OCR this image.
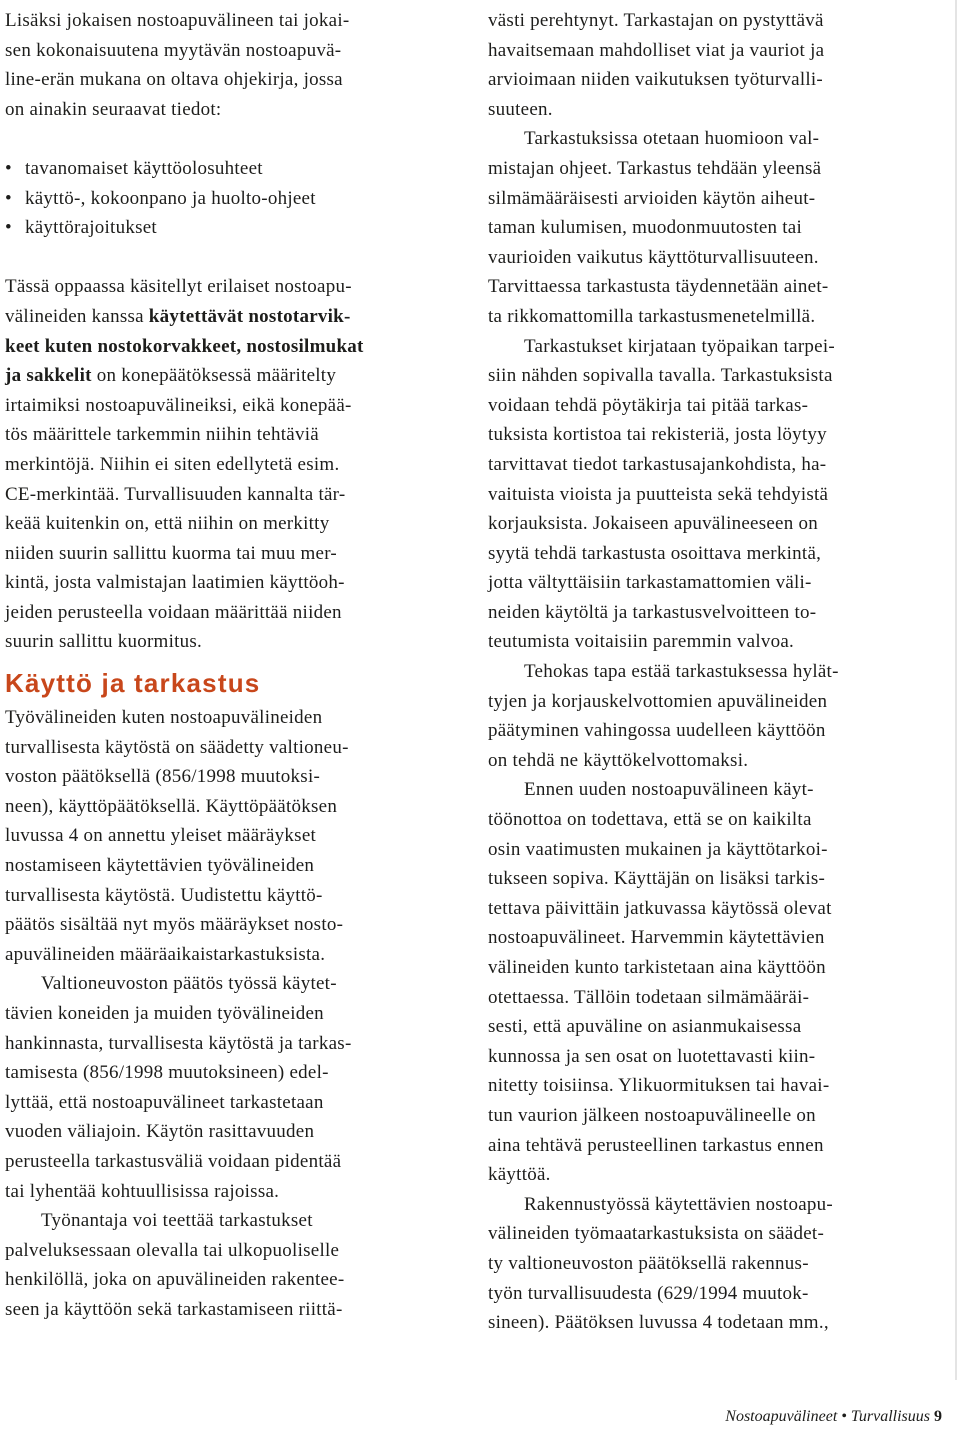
Lisäksi jokaisen nostoapuvälineen tai jokai-
sen kokonaisuutena myytävän nostoapuvä-
line-erän mukana on oltava ohjekirja, jossa
on ainakin seuraavat tiedot:

• tavanomaiset käyttöolosuhteet
• käyttö-, kokoonpano ja huolto-ohjeet
• käyttörajoitukset

Tässä oppaassa käsitellyt erilaiset nostoapu-
välineiden kanssa käytettävät nostotarvik-
keet kuten nostokorvakkeet, nostosilmukat
ja sakkelit on konepäätöksessä määritelty
irtaimiksi nostoapuvälineiksi, eikä konepää-
tös määrittele tarkemmin niihin tehtäviä
merkintöjä. Niihin ei siten edellytetä esim.
CE-merkintää. Turvallisuuden kannalta tär-
keää kuitenkin on, että niihin on merkitty
niiden suurin sallittu kuorma tai muu mer-
kintä, josta valmistajan laatimien käyttöoh-
jeiden perusteella voidaan määrittää niiden
suurin sallittu kuormitus.

Käyttö ja tarkastus

Työvälineiden kuten nostoapuvälineiden
turvallisesta käytöstä on säädetty valtioneu-
voston päätöksellä (856/1998 muutoksi-
neen), käyttöpäätöksellä. Käyttöpäätöksen
luvussa 4 on annettu yleiset määräykset
nostamiseen käytettävien työvälineiden
turvallisesta käytöstä. Uudistettu käyttö-
päätös sisältää nyt myös määräykset nosto-
apuvälineiden määräaikaistarkastuksista.

Valtioneuvoston päätös työssä käytet-
tävien koneiden ja muiden työvälineiden
hankinnasta, turvallisesta käytöstä ja tarkas-
tamisesta (856/1998 muutoksineen) edel-
lyttää, että nostoapuvälineet tarkastetaan
vuoden väliajoin. Käytön rasittavuuden
perusteella tarkastusväliä voidaan pidentää
tai lyhentää kohtuullisissa rajoissa.

Työnantaja voi teettää tarkastukset
palveluksessaan olevalla tai ulkopuoliselle
henkilöllä, joka on apuvälineiden rakentee-
seen ja käyttöön sekä tarkastamiseen riittä-

västi perehtynyt. Tarkastajan on pystyttävä
havaitsemaan mahdolliset viat ja vauriot ja
arvioimaan niiden vaikutuksen työturvalli-
suuteen.

Tarkastuksissa otetaan huomioon val-
mistajan ohjeet. Tarkastus tehdään yleensä
silmämääräisesti arvioiden käytön aiheut-
taman kulumisen, muodonmuutosten tai
vaurioiden vaikutus käyttöturvallisuuteen.
Tarvittaessa tarkastusta täydennetään ainet-
ta rikkomattomilla tarkastusmenetelmillä.

Tarkastukset kirjataan työpaikan tarpei-
siin nähden sopivalla tavalla. Tarkastuksista
voidaan tehdä pöytäkirja tai pitää tarkas-
tuksista kortistoa tai rekisteriä, josta löytyy
tarvittavat tiedot tarkastusajankohdista, ha-
vaituista vioista ja puutteista sekä tehdyistä
korjauksista. Jokaiseen apuvälineeseen on
syytä tehdä tarkastusta osoittava merkintä,
jotta vältyttäisiin tarkastamattomien väli-
neiden käytöltä ja tarkastusvelvoitteen to-
teutumista voitaisiin paremmin valvoa.

Tehokas tapa estää tarkastuksessa hylät-
tyjen ja korjauskelvottomien apuvälineiden
päätyminen vahingossa uudelleen käyttöön
on tehdä ne käyttökelvottomaksi.

Ennen uuden nostoapuvälineen käyt-
töönottoa on todettava, että se on kaikilta
osin vaatimusten mukainen ja käyttötarkoi-
tukseen sopiva. Käyttäjän on lisäksi tarkis-
tettava päivittäin jatkuvassa käytössä olevat
nostoapuvälineet. Harvemmin käytettävien
välineiden kunto tarkistetaan aina käyttöön
otettaessa. Tällöin todetaan silmämääräi-
sesti, että apuväline on asianmukaisessa
kunnossa ja sen osat on luotettavasti kiin-
nitetty toisiinsa. Ylikuormituksen tai havai-
tun vaurion jälkeen nostoapuvälineelle on
aina tehtävä perusteellinen tarkastus ennen
käyttöä.

Rakennustyössä käytettävien nostoapu-
välineiden työmaatarkastuksista on säädet-
ty valtioneuvoston päätöksellä rakennus-
työn turvallisuudesta (629/1994 muutok-
sineen). Päätöksen luvussa 4 todetaan mm.,

Nostoapuvälineet • Turvallisuus 9
